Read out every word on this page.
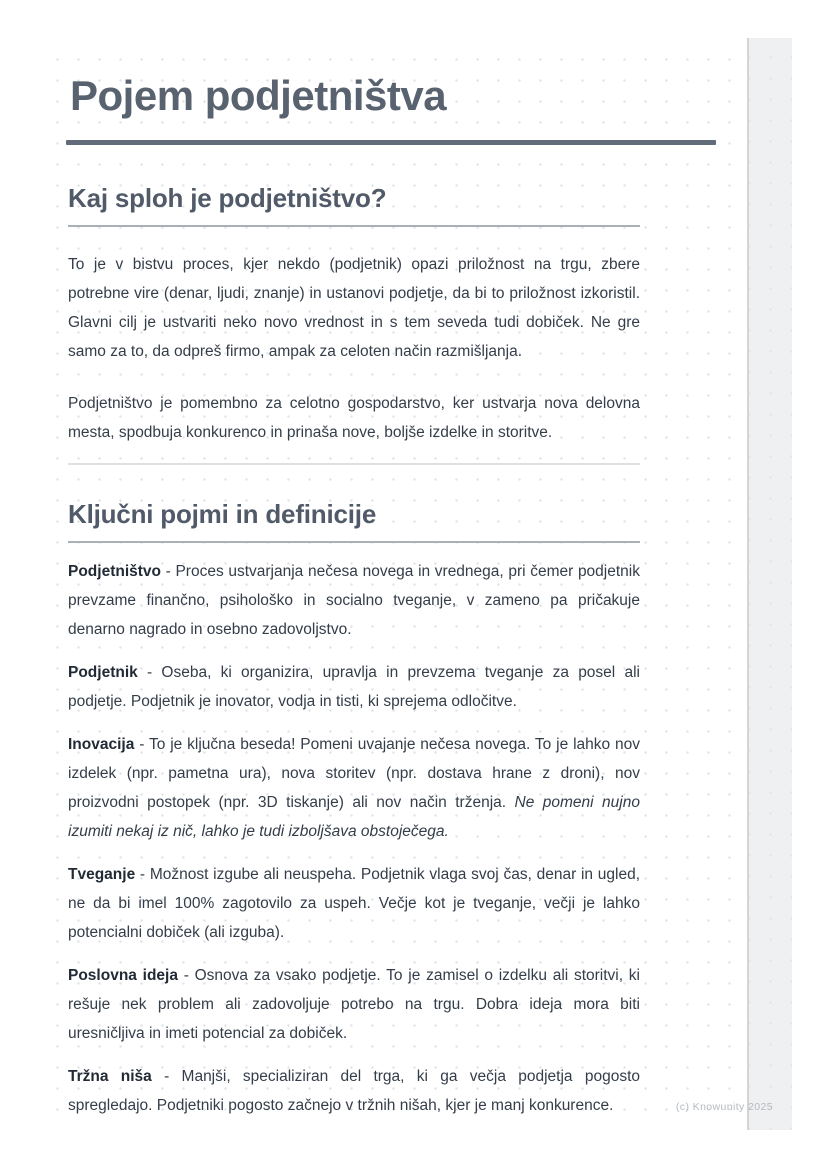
Pojem podjetništva
Kaj sploh je podjetništvo?

To je v bistvu proces, kjer nekdo (podjetnik) opazi priložnost na trgu, zbere potrebne vire (denar, ljudi, znanje) in ustanovi podjetje, da bi to priložnost izkoristil. Glavni cilj je ustvariti neko novo vrednost in s tem seveda tudi dobiček. Ne gre samo za to, da odpreš firmo, ampak za celoten način razmišljanja.

Podjetništvo je pomembno za celotno gospodarstvo, ker ustvarja nova delovna mesta, spodbuja konkurenco in prinaša nove, boljše izdelke in storitve.

Ključni pojmi in definicije

Podjetništvo - Proces ustvarjanja nečesa novega in vrednega, pri čemer podjetnik prevzame finančno, psihološko in socialno tveganje, v zameno pa pričakuje denarno nagrado in osebno zadovoljstvo.

Podjetnik - Oseba, ki organizira, upravlja in prevzema tveganje za posel ali podjetje. Podjetnik je inovator, vodja in tisti, ki sprejema odločitve.

Inovacija - To je ključna beseda! Pomeni uvajanje nečesa novega. To je lahko nov izdelek (npr. pametna ura), nova storitev (npr. dostava hrane z droni), nov proizvodni postopek (npr. 3D tiskanje) ali nov način trženja. Ne pomeni nujno izumiti nekaj iz nič, lahko je tudi izboljšava obstoječega.

Tveganje - Možnost izgube ali neuspeha. Podjetnik vlaga svoj čas, denar in ugled, ne da bi imel 100% zagotovilo za uspeh. Večje kot je tveganje, večji je lahko potencialni dobiček (ali izguba).

Poslovna ideja - Osnova za vsako podjetje. To je zamisel o izdelku ali storitvi, ki rešuje nek problem ali zadovoljuje potrebo na trgu. Dobra ideja mora biti uresničljiva in imeti potencial za dobiček.

Tržna niša - Manjši, specializiran del trga, ki ga večja podjetja pogosto spregledajo. Podjetniki pogosto začnejo v tržnih nišah, kjer je manj konkurence.	(c) Knowunity 2025
